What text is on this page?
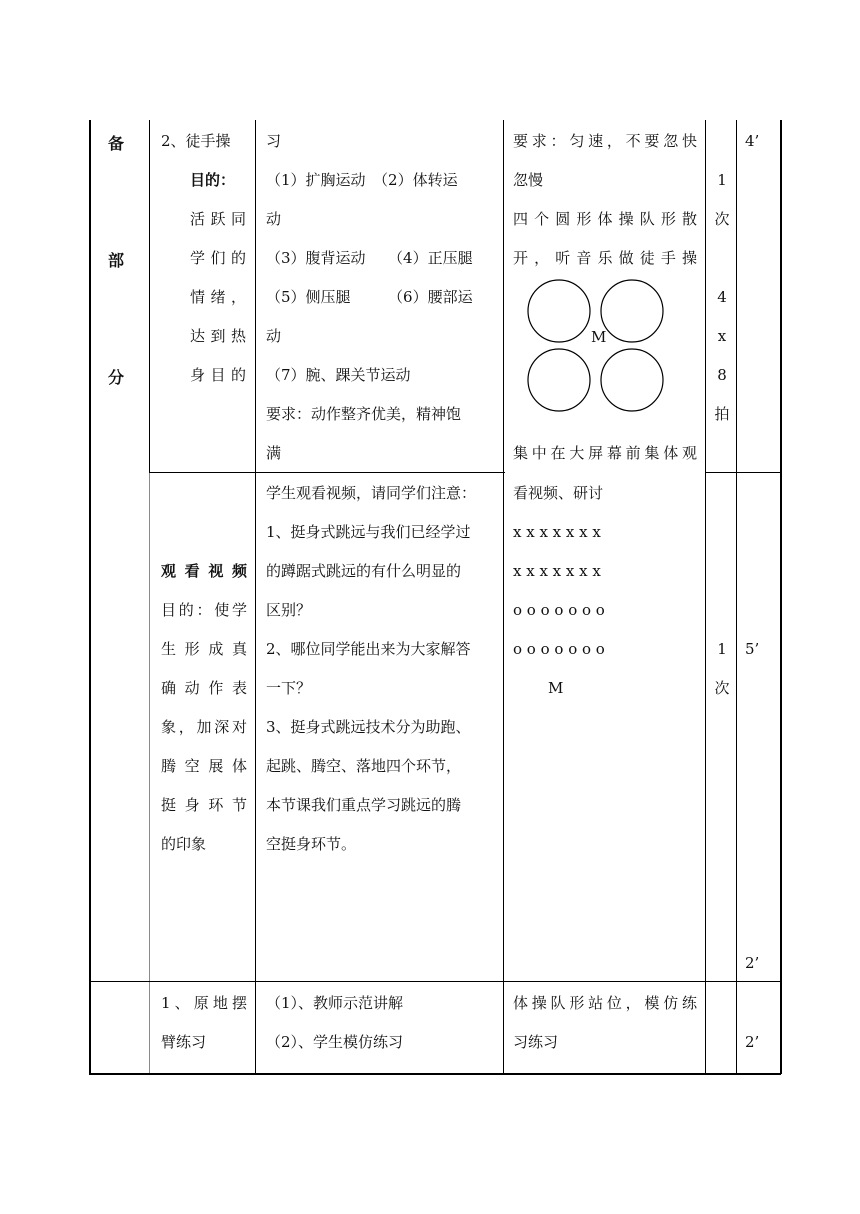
备
部
分
2、徒手操
目的：
活跃同
学们的
情绪，
达到热
身目的
习
（1）扩胸运动　（2）体转运
动
（3）腹背运动　　（4）正压腿
（5）侧压腿　　　（6）腰部运
动
（7）腕、踝关节运动
要求：动作整齐优美，精神饱
满
要求：匀速，不要忽快
忽慢
四个圆形体操队形散
开，听音乐做徒手操
M
集中在大屏幕前集体观
1
次
4
x
8
拍
4’
观看视频
目的：使学
生形成真
确动作表
象，加深对
腾空展体
挺身环节
的印象
学生观看视频，请同学们注意：
1、挺身式跳远与我们已经学过
的蹲踞式跳远的有什么明显的
区别？
2、哪位同学能出来为大家解答
一下？
3、挺身式跳远技术分为助跑、
起跳、腾空、落地四个环节，
本节课我们重点学习跳远的腾
空挺身环节。
看视频、研讨
x x x x x x x
x x x x x x x
o o o o o o o
o o o o o o o
M
1
次
5’
2’
1、原地摆
臂练习
（1）、教师示范讲解
（2）、学生模仿练习
体操队形站位，模仿练
习练习	2’
